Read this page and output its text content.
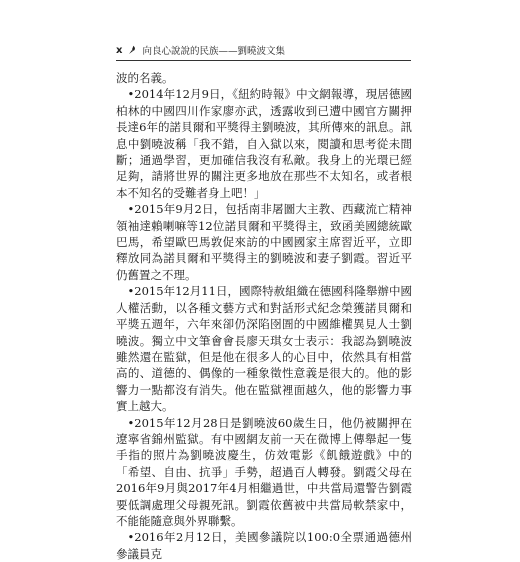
x 向良心說說的民族——劉曉波文集

波的名義。

•2014年12月9日，《紐約時報》中文網報導，現居德國柏林的中國四川作家廖亦武，透露收到已遭中國官方關押長達6年的諾貝爾和平獎得主劉曉波，其所傳來的訊息。訊息中劉曉波稱「我不錯，自入獄以來，閱讀和思考從未間斷；通過學習，更加確信我沒有私敵。我身上的光環已經足夠，請將世界的關注更多地放在那些不太知名，或者根本不知名的受難者身上吧！」

•2015年9月2日，包括南非屠圖大主教、西藏流亡精神領袖達賴喇嘛等12位諾貝爾和平獎得主，致函美國總統歐巴馬，希望歐巴馬敦促來訪的中國國家主席習近平，立即釋放同為諾貝爾和平獎得主的劉曉波和妻子劉霞。習近平仍舊置之不理。

•2015年12月11日，國際特赦組織在德國科隆舉辦中國人權活動，以各種文藝方式和對話形式紀念榮獲諾貝爾和平獎五週年，六年來卻仍深陷囹圄的中國維權異見人士劉曉波。獨立中文筆會會長廖天琪女士表示：我認為劉曉波雖然還在監獄，但是他在很多人的心目中，依然具有相當高的、道德的、偶像的一種象徵性意義是很大的。他的影響力一點都沒有消失。他在監獄裡面越久，他的影響力事實上越大。

•2015年12月28日是劉曉波60歲生日，他仍被關押在遼寧省錦州監獄。有中國網友前一天在微博上傳舉起一隻手指的照片為劉曉波慶生，仿效電影《飢餓遊戲》中的「希望、自由、抗爭」手勢，超過百人轉發。劉霞父母在2016年9月與2017年4月相繼過世，中共當局還警告劉霞要低調處理父母親死訊。劉霞依舊被中共當局軟禁家中，不能能隨意與外界聯繫。

•2016年2月12日，美國參議院以100:0全票通過德州參議員克
